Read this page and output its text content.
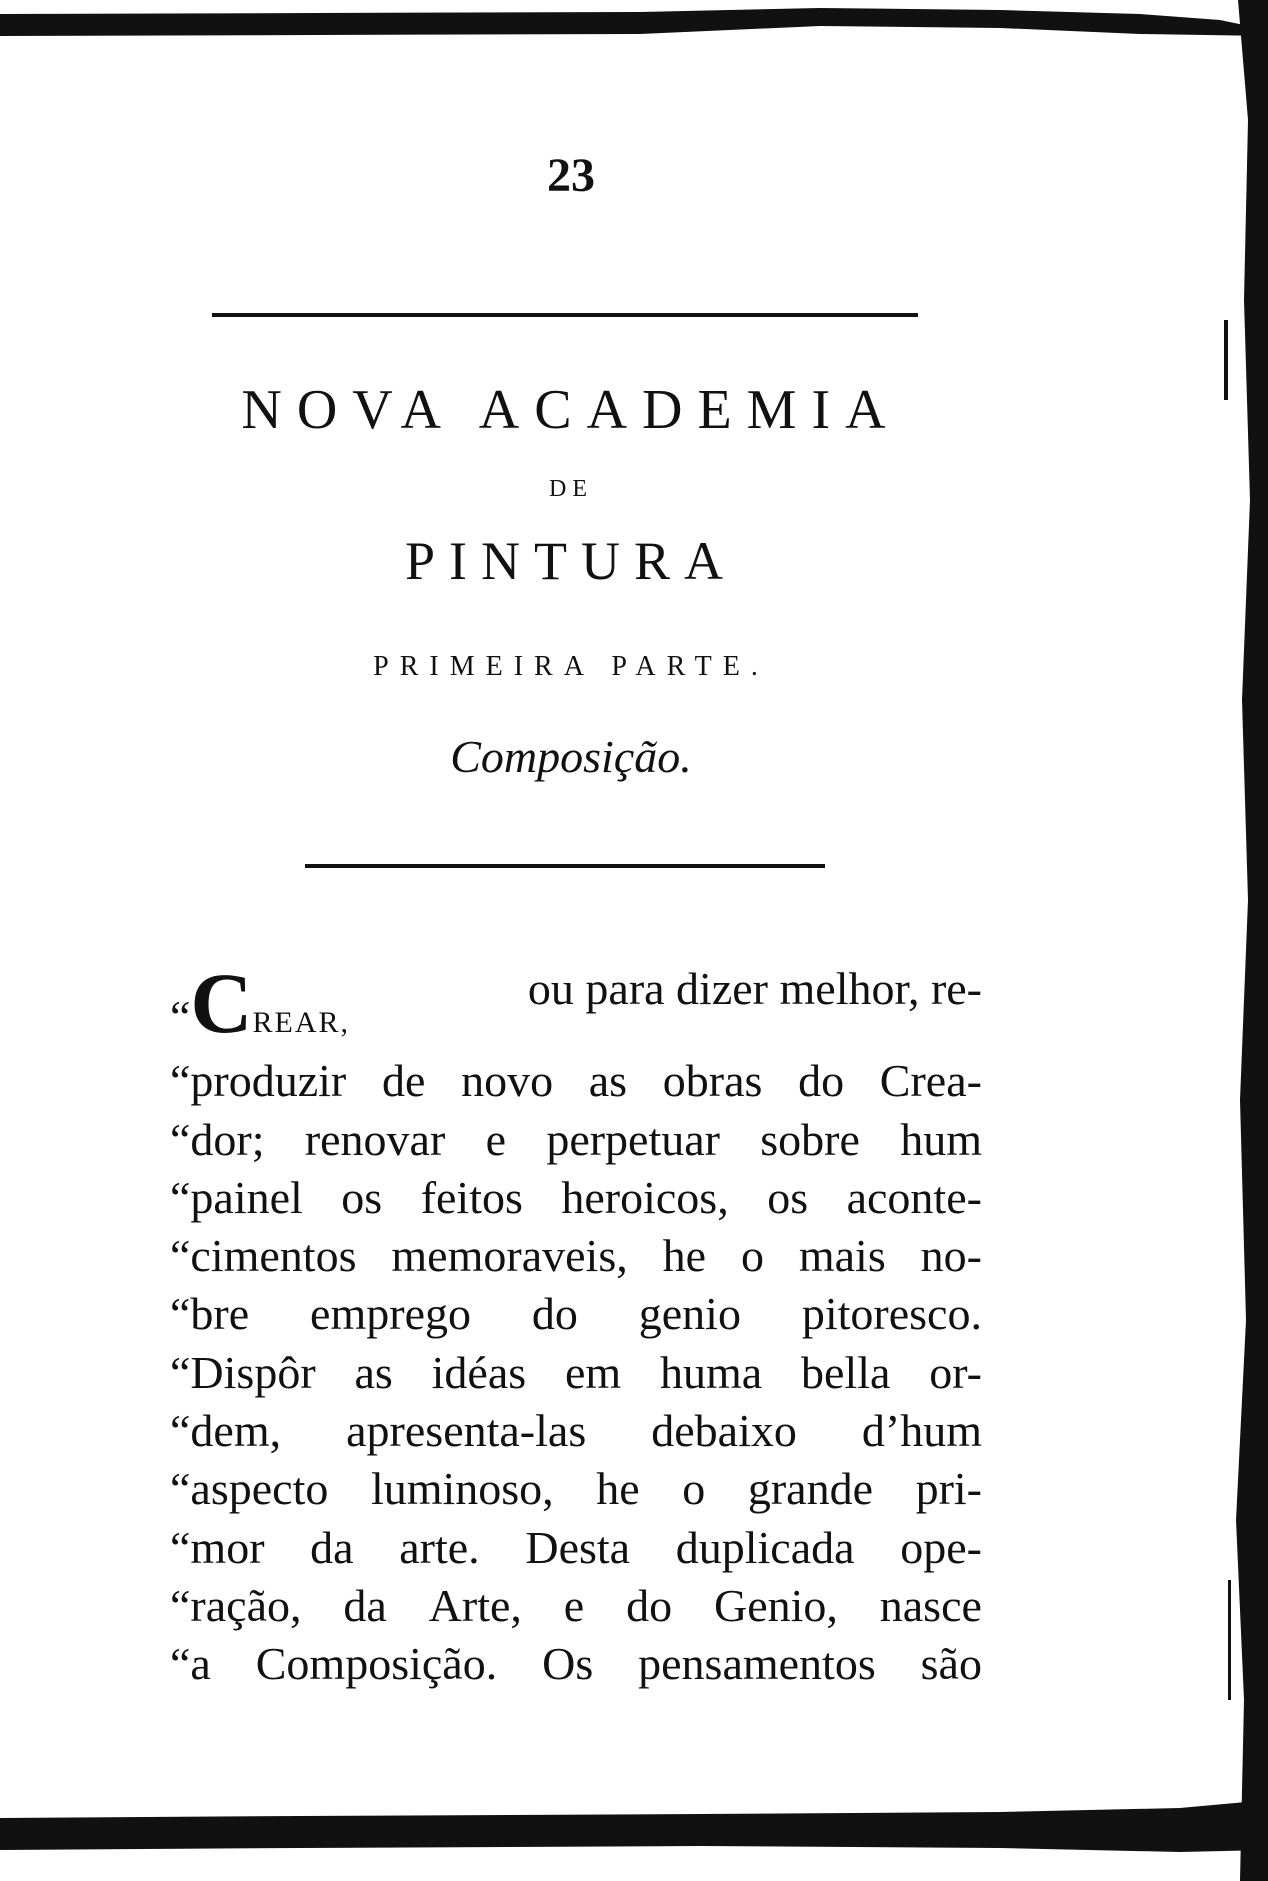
23
NOVA ACADEMIA
DE
PINTURA
PRIMEIRA PARTE.
Composição.
“CREAR,
ou para dizer melhor, re-
“produzir de novo as obras do Crea-
“dor; renovar e perpetuar sobre hum
“painel os feitos heroicos, os aconte-
“cimentos memoraveis, he o mais no-
“bre emprego do genio pitoresco.
“Dispôr as idéas em huma bella or-
“dem, apresenta-las debaixo d’hum
“aspecto luminoso, he o grande pri-
“mor da arte. Desta duplicada ope-
“ração, da Arte, e do Genio, nasce
“a Composição. Os pensamentos são
